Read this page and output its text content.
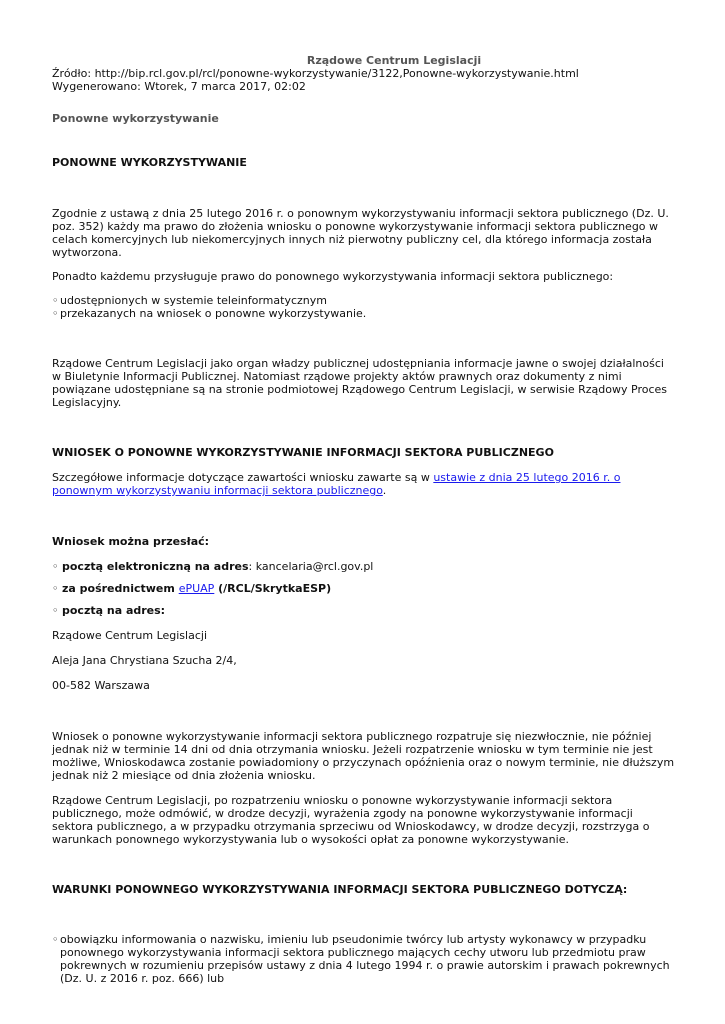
Rządowe Centrum Legislacji

Źródło: http://bip.rcl.gov.pl/rcl/ponowne-wykorzystywanie/3122,Ponowne-wykorzystywanie.html

Wygenerowano: Wtorek, 7 marca 2017, 02:02

Ponowne wykorzystywanie

PONOWNE WYKORZYSTYWANIE

Zgodnie z ustawą z dnia 25 lutego 2016 r. o ponownym wykorzystywaniu informacji sektora publicznego (Dz. U. poz. 352) każdy ma prawo do złożenia wniosku o ponowne wykorzystywanie informacji sektora publicznego w celach komercyjnych lub niekomercyjnych innych niż pierwotny publiczny cel, dla którego informacja została wytworzona.

Ponadto każdemu przysługuje prawo do ponownego wykorzystywania informacji sektora publicznego:

◦ udostępnionych w systemie teleinformatycznym

◦ przekazanych na wniosek o ponowne wykorzystywanie.

Rządowe Centrum Legislacji jako organ władzy publicznej udostępniania informacje jawne o swojej działalności w Biuletynie Informacji Publicznej. Natomiast rządowe projekty aktów prawnych oraz dokumenty z nimi powiązane udostępniane są na stronie podmiotowej Rządowego Centrum Legislacji, w serwisie Rządowy Proces Legislacyjny.

WNIOSEK O PONOWNE WYKORZYSTYWANIE INFORMACJI SEKTORA PUBLICZNEGO

Szczegółowe informacje dotyczące zawartości wniosku zawarte są w ustawie z dnia 25 lutego 2016 r. o ponownym wykorzystywaniu informacji sektora publicznego.

Wniosek można przesłać:

◦ pocztą elektroniczną na adres: kancelaria@rcl.gov.pl

◦ za pośrednictwem ePUAP (/RCL/SkrytkaESP)

◦ pocztą na adres:

Rządowe Centrum Legislacji

Aleja Jana Chrystiana Szucha 2/4,

00-582 Warszawa

Wniosek o ponowne wykorzystywanie informacji sektora publicznego rozpatruje się niezwłocznie, nie później jednak niż w terminie 14 dni od dnia otrzymania wniosku. Jeżeli rozpatrzenie wniosku w tym terminie nie jest możliwe, Wnioskodawca zostanie powiadomiony o przyczynach opóźnienia oraz o nowym terminie, nie dłuższym jednak niż 2 miesiące od dnia złożenia wniosku.

Rządowe Centrum Legislacji, po rozpatrzeniu wniosku o ponowne wykorzystywanie informacji sektora publicznego, może odmówić, w drodze decyzji, wyrażenia zgody na ponowne wykorzystywanie informacji sektora publicznego, a w przypadku otrzymania sprzeciwu od Wnioskodawcy, w drodze decyzji, rozstrzyga o warunkach ponownego wykorzystywania lub o wysokości opłat za ponowne wykorzystywanie.

WARUNKI PONOWNEGO WYKORZYSTYWANIA INFORMACJI SEKTORA PUBLICZNEGO DOTYCZĄ:

◦ obowiązku informowania o nazwisku, imieniu lub pseudonimie twórcy lub artysty wykonawcy w przypadku ponownego wykorzystywania informacji sektora publicznego mających cechy utworu lub przedmiotu praw pokrewnych w rozumieniu przepisów ustawy z dnia 4 lutego 1994 r. o prawie autorskim i prawach pokrewnych (Dz. U. z 2016 r. poz. 666) lub
